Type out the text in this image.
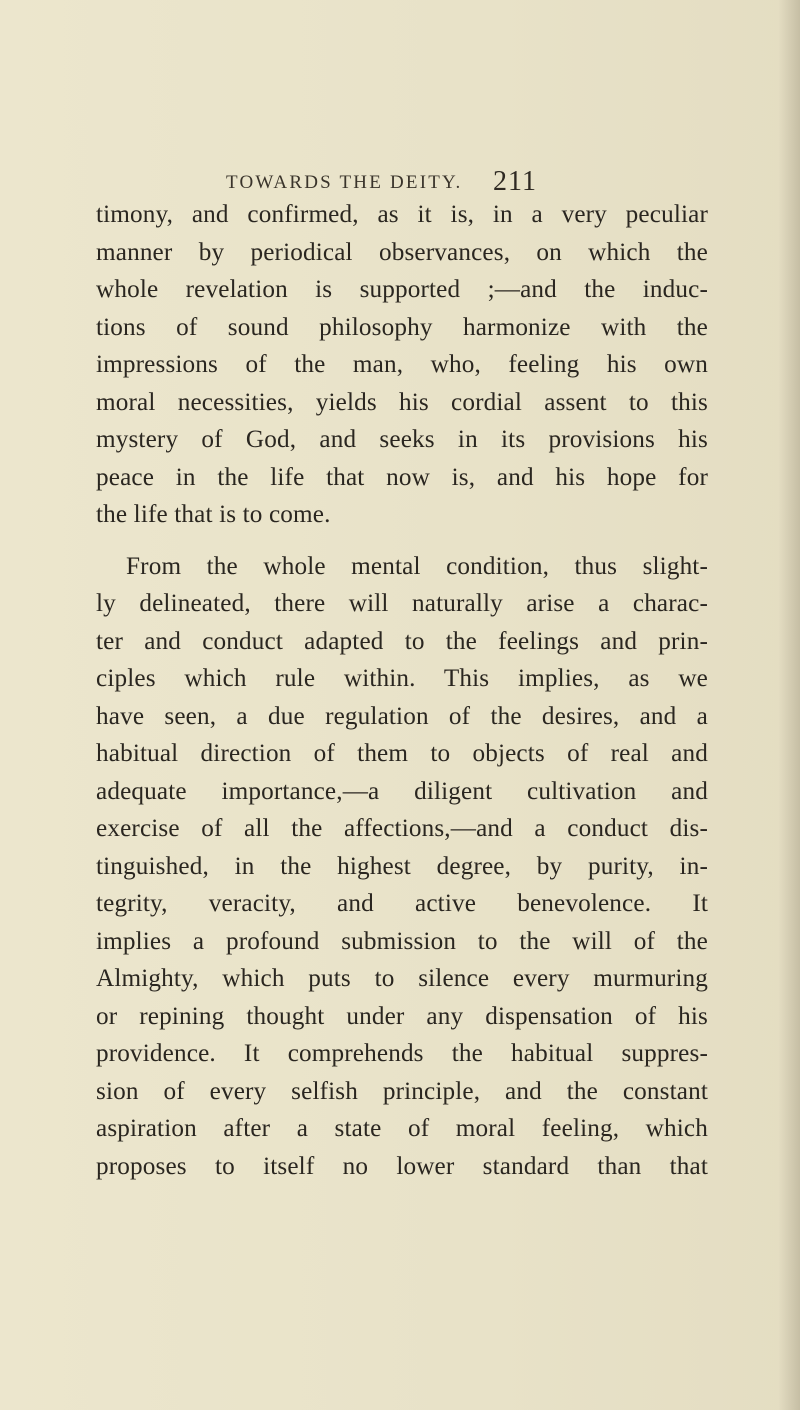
TOWARDS THE DEITY. 211
timony, and confirmed, as it is, in a very peculiar
manner by periodical observances, on which the
whole revelation is supported ;—and the induc-
tions of sound philosophy harmonize with the
impressions of the man, who, feeling his own
moral necessities, yields his cordial assent to this
mystery of God, and seeks in its provisions his
peace in the life that now is, and his hope for
the life that is to come.
From the whole mental condition, thus slight-
ly delineated, there will naturally arise a charac-
ter and conduct adapted to the feelings and prin-
ciples which rule within. This implies, as we
have seen, a due regulation of the desires, and a
habitual direction of them to objects of real and
adequate importance,—a diligent cultivation and
exercise of all the affections,—and a conduct dis-
tinguished, in the highest degree, by purity, in-
tegrity, veracity, and active benevolence. It
implies a profound submission to the will of the
Almighty, which puts to silence every murmuring
or repining thought under any dispensation of his
providence. It comprehends the habitual suppres-
sion of every selfish principle, and the constant
aspiration after a state of moral feeling, which
proposes to itself no lower standard than that
